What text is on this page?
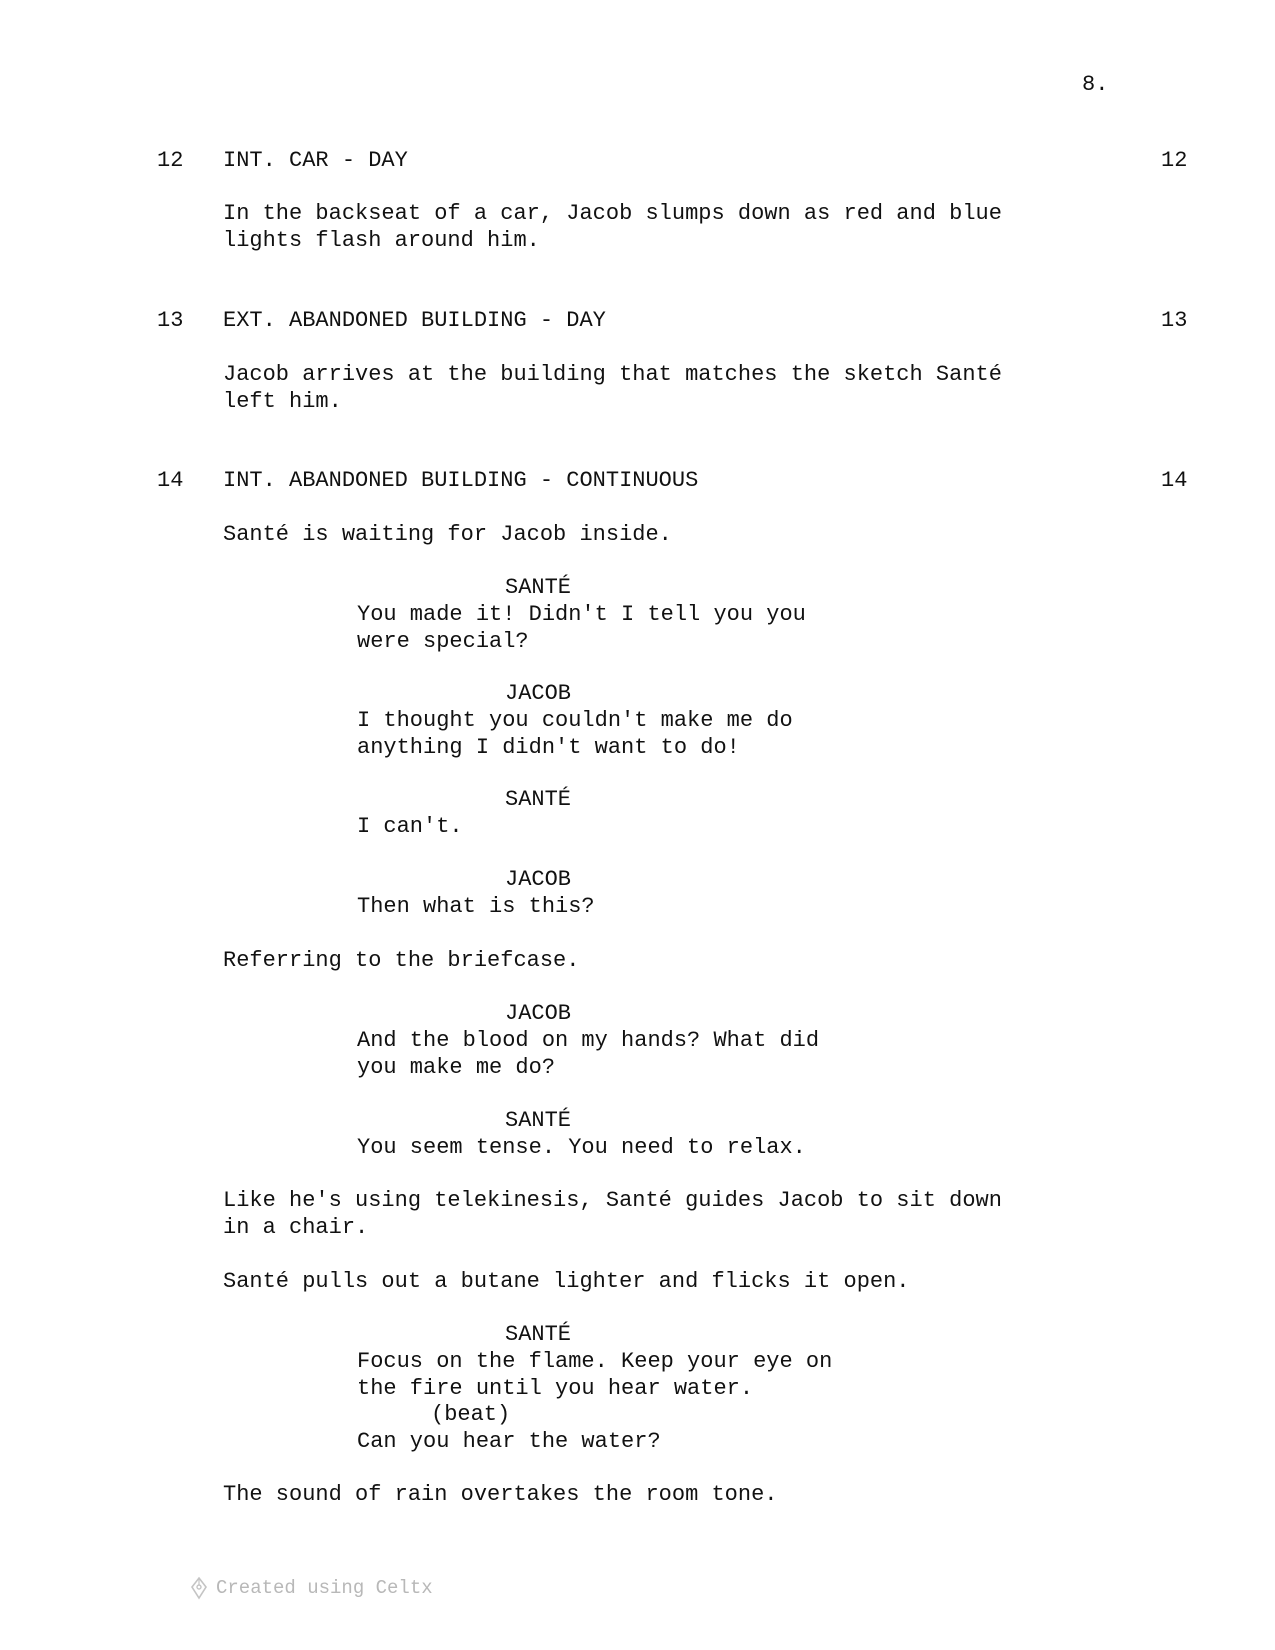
8.
12 INT. CAR - DAY	12
In the backseat of a car, Jacob slumps down as red and blue
lights flash around him.
13 EXT. ABANDONED BUILDING - DAY	13
Jacob arrives at the building that matches the sketch Santé
left him.
14 INT. ABANDONED BUILDING - CONTINUOUS	14
Santé is waiting for Jacob inside.
SANTÉ
You made it! Didn't I tell you you
were special?
JACOB
I thought you couldn't make me do
anything I didn't want to do!
SANTÉ
I can't.
JACOB
Then what is this?
Referring to the briefcase.
JACOB
And the blood on my hands? What did
you make me do?
SANTÉ
You seem tense. You need to relax.
Like he's using telekinesis, Santé guides Jacob to sit down
in a chair.
Santé pulls out a butane lighter and flicks it open.
SANTÉ
Focus on the flame. Keep your eye on
the fire until you hear water.
(beat)
Can you hear the water?
The sound of rain overtakes the room tone.
Created using Celtx
